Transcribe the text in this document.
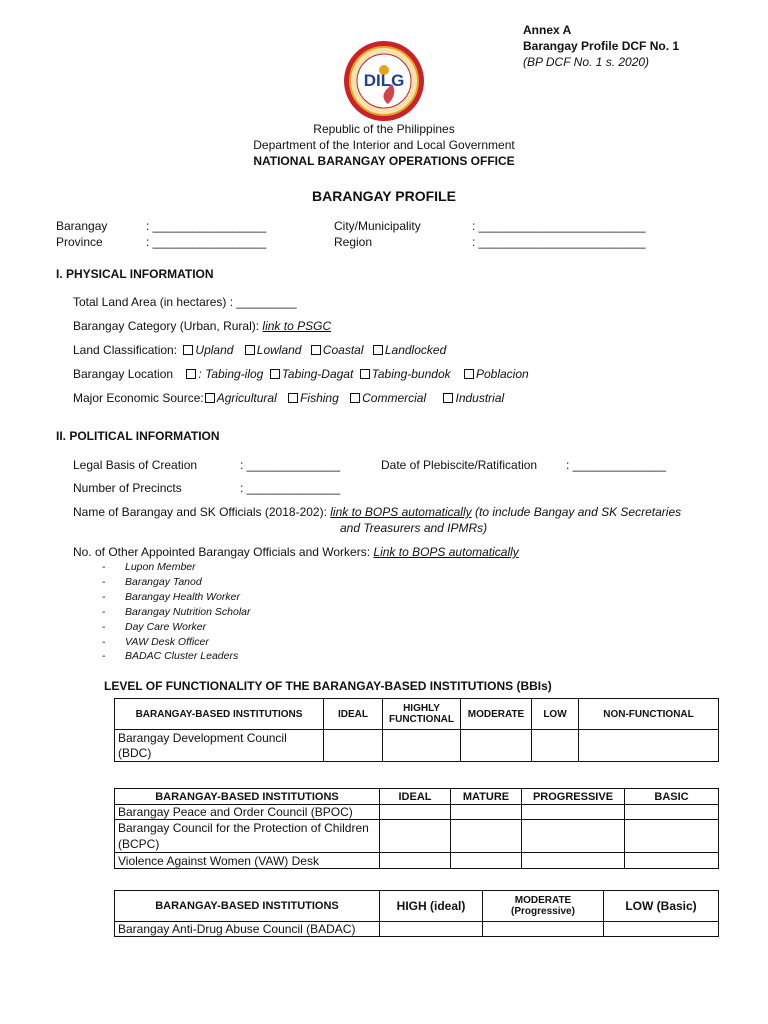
Annex A
Barangay Profile DCF No. 1
(BP DCF No. 1 s. 2020)
DILG
Republic of the Philippines
Department of the Interior and Local Government
NATIONAL BARANGAY OPERATIONS OFFICE
BARANGAY PROFILE
Barangay	: _________________
Province	: _________________
City/Municipality	: _________________________
Region	: _________________________
I. PHYSICAL INFORMATION
Total Land Area (in hectares) : _________
Barangay Category (Urban, Rural): link to PSGC
Land Classification: Upland Lowland Coastal Landlocked
Barangay Location : Tabing-ilog Tabing-Dagat Tabing-bundok Poblacion
Major Economic Source: Agricultural Fishing Commercial Industrial
II. POLITICAL INFORMATION
Legal Basis of Creation	: ______________	Date of Plebiscite/Ratification : ______________
Number of Precincts	: ______________
Name of Barangay and SK Officials (2018-202): link to BOPS automatically (to include Bangay and SK Secretaries
and Treasurers and IPMRs)
No. of Other Appointed Barangay Officials and Workers: Link to BOPS automatically
- Lupon Member
- Barangay Tanod
- Barangay Health Worker
- Barangay Nutrition Scholar
- Day Care Worker
- VAW Desk Officer
- BADAC Cluster Leaders
LEVEL OF FUNCTIONALITY OF THE BARANGAY-BASED INSTITUTIONS (BBIs)
BARANGAY-BASED INSTITUTIONS	IDEAL	HIGHLY FUNCTIONAL	MODERATE	LOW	NON-FUNCTIONAL
Barangay Development Council (BDC)					
BARANGAY-BASED INSTITUTIONS	IDEAL	MATURE	PROGRESSIVE	BASIC
Barangay Peace and Order Council (BPOC)				
Barangay Council for the Protection of Children (BCPC)				
Violence Against Women (VAW) Desk				
BARANGAY-BASED INSTITUTIONS	HIGH (ideal)	MODERATE (Progressive)	LOW (Basic)
Barangay Anti-Drug Abuse Council (BADAC)			
